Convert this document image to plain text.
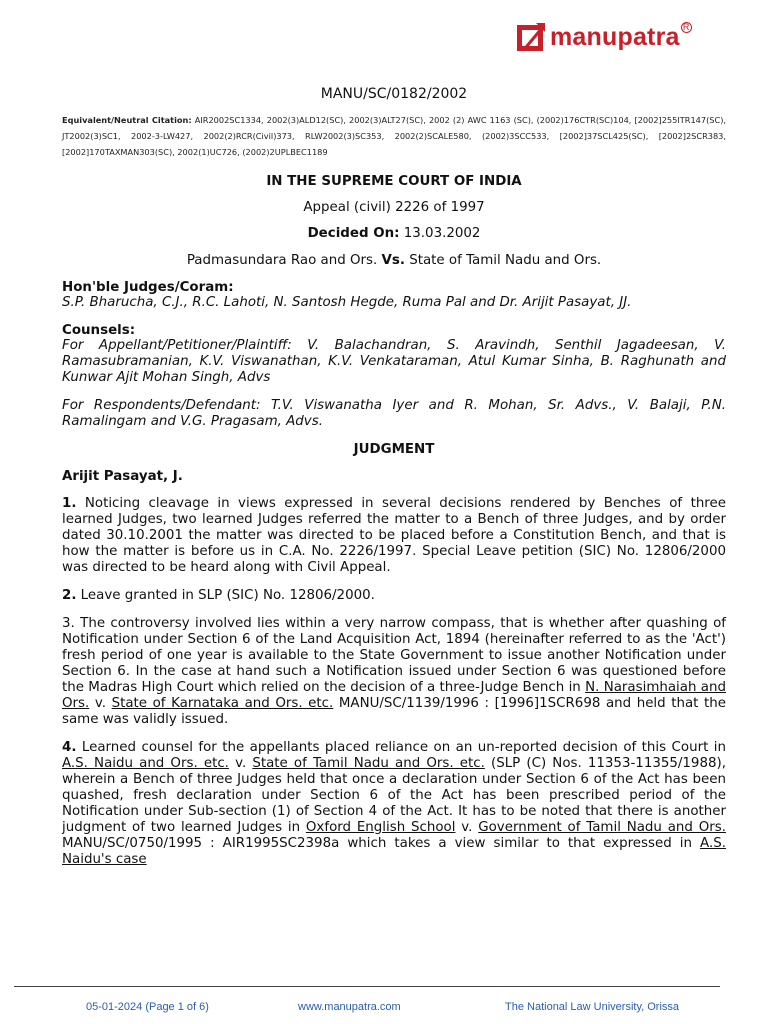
manupatra R
MANU/SC/0182/2002
Equivalent/Neutral Citation: AIR2002SC1334, 2002(3)ALD12(SC), 2002(3)ALT27(SC), 2002 (2) AWC 1163 (SC), (2002)176CTR(SC)104, [2002]255ITR147(SC), JT2002(3)SC1, 2002-3-LW427, 2002(2)RCR(Civil)373, RLW2002(3)SC353, 2002(2)SCALE580, (2002)3SCC533, [2002]37SCL425(SC), [2002]2SCR383, [2002]170TAXMAN303(SC), 2002(1)UC726, (2002)2UPLBEC1189
IN THE SUPREME COURT OF INDIA
Appeal (civil) 2226 of 1997
Decided On: 13.03.2002
Padmasundara Rao and Ors. Vs. State of Tamil Nadu and Ors.
Hon'ble Judges/Coram:
S.P. Bharucha, C.J., R.C. Lahoti, N. Santosh Hegde, Ruma Pal and Dr. Arijit Pasayat, JJ.
Counsels:
For Appellant/Petitioner/Plaintiff: V. Balachandran, S. Aravindh, Senthil Jagadeesan, V. Ramasubramanian, K.V. Viswanathan, K.V. Venkataraman, Atul Kumar Sinha, B. Raghunath and Kunwar Ajit Mohan Singh, Advs
For Respondents/Defendant: T.V. Viswanatha Iyer and R. Mohan, Sr. Advs., V. Balaji, P.N. Ramalingam and V.G. Pragasam, Advs.
JUDGMENT
Arijit Pasayat, J.
1. Noticing cleavage in views expressed in several decisions rendered by Benches of three learned Judges, two learned Judges referred the matter to a Bench of three Judges, and by order dated 30.10.2001 the matter was directed to be placed before a Constitution Bench, and that is how the matter is before us in C.A. No. 2226/1997. Special Leave petition (SIC) No. 12806/2000 was directed to be heard along with Civil Appeal.
2. Leave granted in SLP (SIC) No. 12806/2000.
3. The controversy involved lies within a very narrow compass, that is whether after quashing of Notification under Section 6 of the Land Acquisition Act, 1894 (hereinafter referred to as the 'Act') fresh period of one year is available to the State Government to issue another Notification under Section 6. In the case at hand such a Notification issued under Section 6 was questioned before the Madras High Court which relied on the decision of a three-Judge Bench in N. Narasimhaiah and Ors. v. State of Karnataka and Ors. etc. MANU/SC/1139/1996 : [1996]1SCR698 and held that the same was validly issued.
4. Learned counsel for the appellants placed reliance on an un-reported decision of this Court in A.S. Naidu and Ors. etc. v. State of Tamil Nadu and Ors. etc. (SLP (C) Nos. 11353-11355/1988), wherein a Bench of three Judges held that once a declaration under Section 6 of the Act has been quashed, fresh declaration under Section 6 of the Act has been prescribed period of the Notification under Sub-section (1) of Section 4 of the Act. It has to be noted that there is another judgment of two learned Judges in Oxford English School v. Government of Tamil Nadu and Ors. MANU/SC/0750/1995 : AIR1995SC2398a which takes a view similar to that expressed in A.S. Naidu's case
05-01-2024 (Page 1 of 6)	www.manupatra.com	The National Law University, Orissa
